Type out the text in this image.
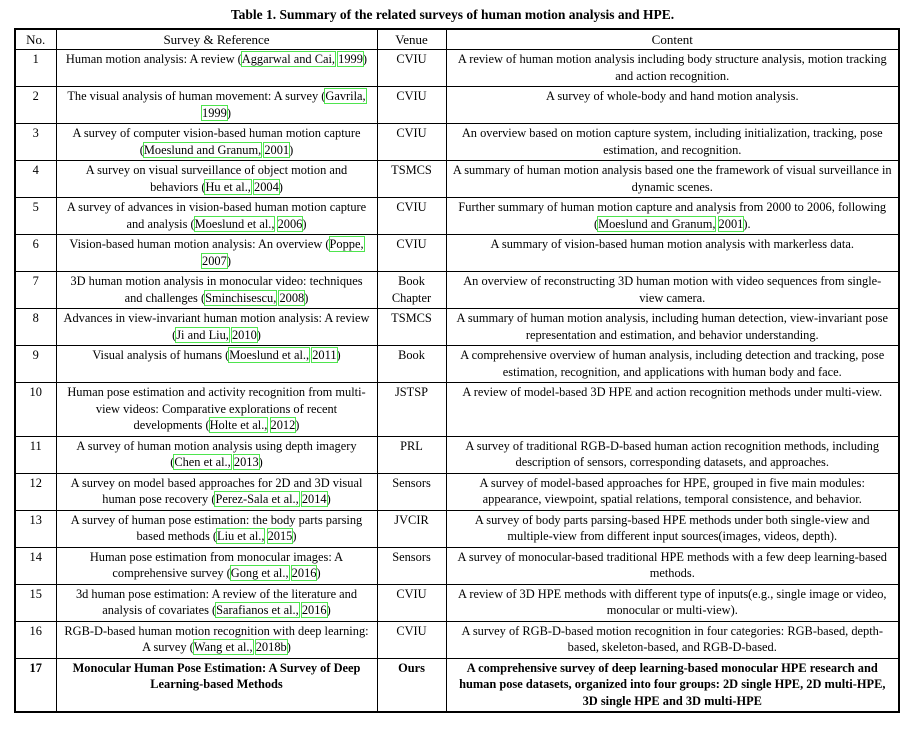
Table 1. Summary of the related surveys of human motion analysis and HPE.
No.	Survey & Reference	Venue	Content
1	Human motion analysis: A review (Aggarwal and Cai, 1999)	CVIU	A review of human motion analysis including body structure analysis, motion tracking and action recognition.
2	The visual analysis of human movement: A survey (Gavrila, 1999)	CVIU	A survey of whole-body and hand motion analysis.
3	A survey of computer vision-based human motion capture (Moeslund and Granum, 2001)	CVIU	An overview based on motion capture system, including initialization, tracking, pose estimation, and recognition.
4	A survey on visual surveillance of object motion and behaviors (Hu et al., 2004)	TSMCS	A summary of human motion analysis based one the framework of visual surveillance in dynamic scenes.
5	A survey of advances in vision-based human motion capture and analysis (Moeslund et al., 2006)	CVIU	Further summary of human motion capture and analysis from 2000 to 2006, following (Moeslund and Granum, 2001).
6	Vision-based human motion analysis: An overview (Poppe, 2007)	CVIU	A summary of vision-based human motion analysis with markerless data.
7	3D human motion analysis in monocular video: techniques and challenges (Sminchisescu, 2008)	Book Chapter	An overview of reconstructing 3D human motion with video sequences from single-view camera.
8	Advances in view-invariant human motion analysis: A review (Ji and Liu, 2010)	TSMCS	A summary of human motion analysis, including human detection, view-invariant pose representation and estimation, and behavior understanding.
9	Visual analysis of humans (Moeslund et al., 2011)	Book	A comprehensive overview of human analysis, including detection and tracking, pose estimation, recognition, and applications with human body and face.
10	Human pose estimation and activity recognition from multi-view videos: Comparative explorations of recent developments (Holte et al., 2012)	JSTSP	A review of model-based 3D HPE and action recognition methods under multi-view.
11	A survey of human motion analysis using depth imagery (Chen et al., 2013)	PRL	A survey of traditional RGB-D-based human action recognition methods, including description of sensors, corresponding datasets, and approaches.
12	A survey on model based approaches for 2D and 3D visual human pose recovery (Perez-Sala et al., 2014)	Sensors	A survey of model-based approaches for HPE, grouped in five main modules: appearance, viewpoint, spatial relations, temporal consistence, and behavior.
13	A survey of human pose estimation: the body parts parsing based methods (Liu et al., 2015)	JVCIR	A survey of body parts parsing-based HPE methods under both single-view and multiple-view from different input sources(images, videos, depth).
14	Human pose estimation from monocular images: A comprehensive survey (Gong et al., 2016)	Sensors	A survey of monocular-based traditional HPE methods with a few deep learning-based methods.
15	3d human pose estimation: A review of the literature and analysis of covariates (Sarafianos et al., 2016)	CVIU	A review of 3D HPE methods with different type of inputs(e.g., single image or video, monocular or multi-view).
16	RGB-D-based human motion recognition with deep learning: A survey (Wang et al., 2018b)	CVIU	A survey of RGB-D-based motion recognition in four categories: RGB-based, depth-based, skeleton-based, and RGB-D-based.
17	Monocular Human Pose Estimation: A Survey of Deep Learning-based Methods	Ours	A comprehensive survey of deep learning-based monocular HPE research and human pose datasets, organized into four groups: 2D single HPE, 2D multi-HPE, 3D single HPE and 3D multi-HPE
